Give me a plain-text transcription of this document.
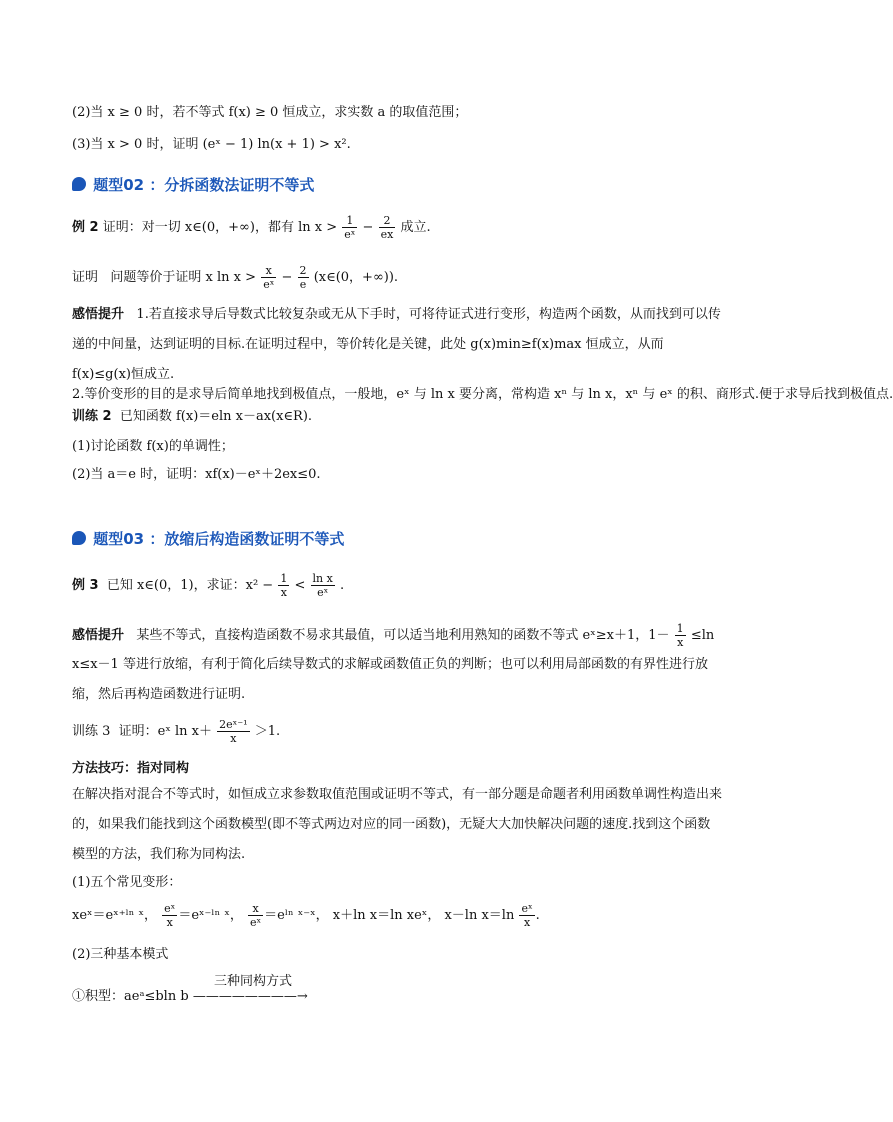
(2)当 x ≥ 0 时，若不等式 f(x) ≥ 0 恒成立，求实数 a 的取值范围；
(3)当 x > 0 时，证明 (eˣ − 1) ln(x + 1) > x².
题型02 ：分拆函数法证明不等式
例 2 证明：对一切 x∈(0，+∞)，都有 $\ln x > \frac{1}{\text{eˣ}} - \frac{2}{ex}$ 成立.
证明 问题等价于证明 x $\ln x > \frac{x}{\text{eˣ}} - \frac{2}{e}$ (x∈(0，+∞)).
感悟提升 1.若直接求导后导数式比较复杂或无从下手时，可将待证式进行变形，构造两个函数，从而找到可以传递的中间量，达到证明的目标.在证明过程中，等价转化是关键，此处 g(x)min≥f(x)max 恒成立，从而 f(x)≤g(x)恒成立.
2.等价变形的目的是求导后简单地找到极值点，一般地，eˣ 与 ln x 要分离，常构造 xⁿ 与 ln x，xⁿ 与 eˣ 的积、商形式.便于求导后找到极值点.
训练 2 已知函数 f(x)＝eln x－ax(x∈R).
(1)讨论函数 f(x)的单调性；
(2)当 a＝e 时，证明：xf(x)－eˣ＋2ex≤0.
题型03 ：放缩后构造函数证明不等式
例 3 已知 x∈(0，1)，求证：$x^2 - \frac{1}{x} < \frac{\text{ln x}}{\text{eˣ}}$ .
感悟提升 某些不等式，直接构造函数不易求其最值，可以适当地利用熟知的函数不等式 eˣ≥x＋1，$1- \frac{1}{x} \le\ln$
x≤x－1 等进行放缩，有利于简化后续导数式的求解或函数值正负的判断；也可以利用局部函数的有界性进行放缩，然后再构造函数进行证明.
训练 3 证明：eˣ $\ln x+ \frac{\text{2eˣ⁻¹}}{x} >1$.
方法技巧：指对同构
在解决指对混合不等式时，如恒成立求参数取值范围或证明不等式，有一部分题是命题者利用函数单调性构造出来的，如果我们能找到这个函数模型(即不等式两边对应的同一函数)，无疑大大加快解决问题的速度.找到这个函数模型的方法，我们称为同构法.
(1)五个常见变形：
xeˣ＝eˣ⁺ˡⁿ ˣ， $\frac{\text{eˣ}}{x}$ ＝eˣ⁻ˡⁿ ˣ， $\frac{x}{\text{eˣ}}$ ＝eˡⁿ ˣ⁻ˣ， x＋ln x＝ln xeˣ， x－ln $x=\ln \frac{\text{eˣ}}{x}$ .
(2)三种基本模式
三种同构方式
①积型：aeᵃ≤bln b ————————→
